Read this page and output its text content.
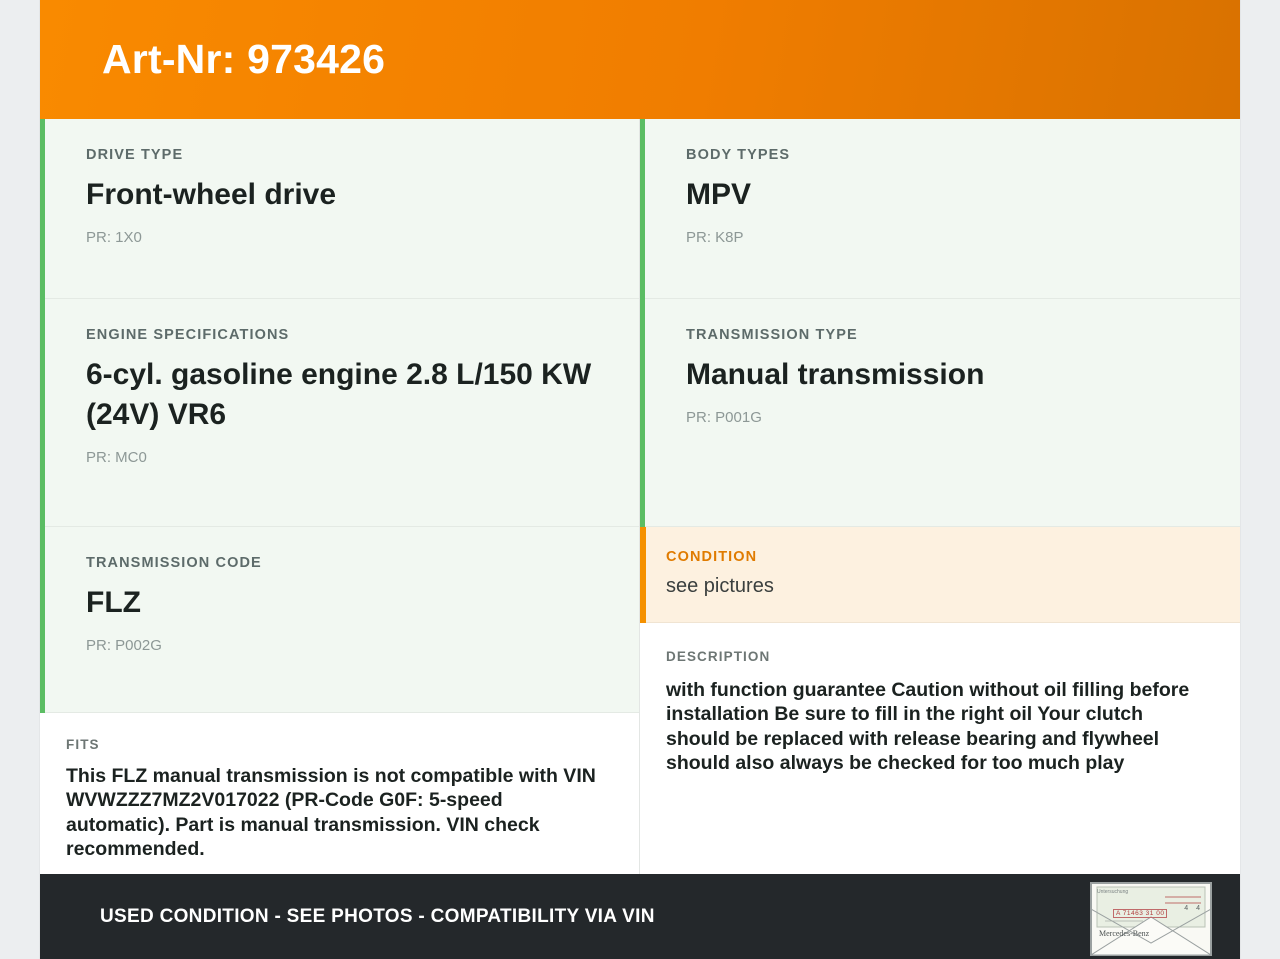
Art-Nr: 973426
DRIVE TYPE
Front-wheel drive
PR: 1X0
ENGINE SPECIFICATIONS
6-cyl. gasoline engine 2.8 L/150 KW (24V) VR6
PR: MC0
TRANSMISSION CODE
FLZ
PR: P002G
FITS
This FLZ manual transmission is not compatible with VIN WVWZZZ7MZ2V017022 (PR-Code G0F: 5-speed automatic). Part is manual transmission. VIN check recommended.
BODY TYPES
MPV
PR: K8P
TRANSMISSION TYPE
Manual transmission
PR: P001G
CONDITION
see pictures
DESCRIPTION
with function guarantee Caution without oil filling before installation Be sure to fill in the right oil Your clutch should be replaced with release bearing and flywheel should also always be checked for too much play
USED CONDITION - SEE PHOTOS - COMPATIBILITY VIA VIN
Untersuchung
A 71463 31 00
4 4
Mercedes-Benz
